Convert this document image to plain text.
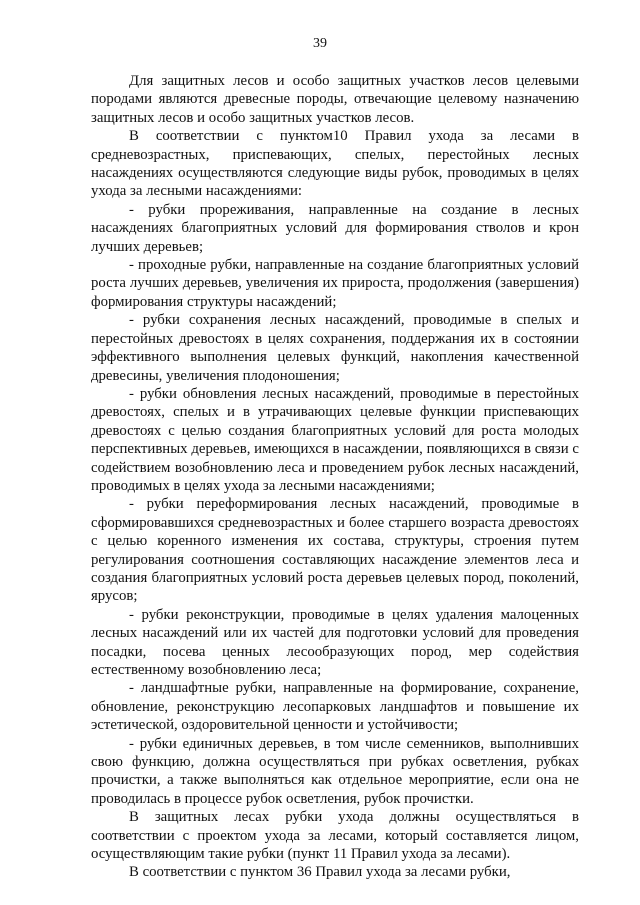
39

Для защитных лесов и особо защитных участков лесов целевыми породами являются древесные породы, отвечающие целевому назначению защитных лесов и особо защитных участков лесов.

В соответствии с пунктом10 Правил ухода за лесами в средневозрастных, приспевающих, спелых, перестойных лесных насаждениях осуществляются следующие виды рубок, проводимых в целях ухода за лесными насаждениями:

- рубки прореживания, направленные на создание в лесных насаждениях благоприятных условий для формирования стволов и крон лучших деревьев;

- проходные рубки, направленные на создание благоприятных условий роста лучших деревьев, увеличения их прироста, продолжения (завершения) формирования структуры насаждений;

- рубки сохранения лесных насаждений, проводимые в спелых и перестойных древостоях в целях сохранения, поддержания их в состоянии эффективного выполнения целевых функций, накопления качественной древесины, увеличения плодоношения;

- рубки обновления лесных насаждений, проводимые в перестойных древостоях, спелых и в утрачивающих целевые функции приспевающих древостоях с целью создания благоприятных условий для роста молодых перспективных деревьев, имеющихся в насаждении, появляющихся в связи с содействием возобновлению леса и проведением рубок лесных насаждений, проводимых в целях ухода за лесными насаждениями;

- рубки переформирования лесных насаждений, проводимые в сформировавшихся средневозрастных и более старшего возраста древостоях с целью коренного изменения их состава, структуры, строения путем регулирования соотношения составляющих насаждение элементов леса и создания благоприятных условий роста деревьев целевых пород, поколений, ярусов;

- рубки реконструкции, проводимые в целях удаления малоценных лесных насаждений или их частей для подготовки условий для проведения посадки, посева ценных лесообразующих пород, мер содействия естественному возобновлению леса;

- ландшафтные рубки, направленные на формирование, сохранение, обновление, реконструкцию лесопарковых ландшафтов и повышение их эстетической, оздоровительной ценности и устойчивости;

- рубки единичных деревьев, в том числе семенников, выполнивших свою функцию, должна осуществляться при рубках осветления, рубках прочистки, а также выполняться как отдельное мероприятие, если она не проводилась в процессе рубок осветления, рубок прочистки.

В защитных лесах рубки ухода должны осуществляться в соответствии с проектом ухода за лесами, который составляется лицом, осуществляющим такие рубки (пункт 11 Правил ухода за лесами).

В соответствии с пунктом 36 Правил ухода за лесами рубки,
